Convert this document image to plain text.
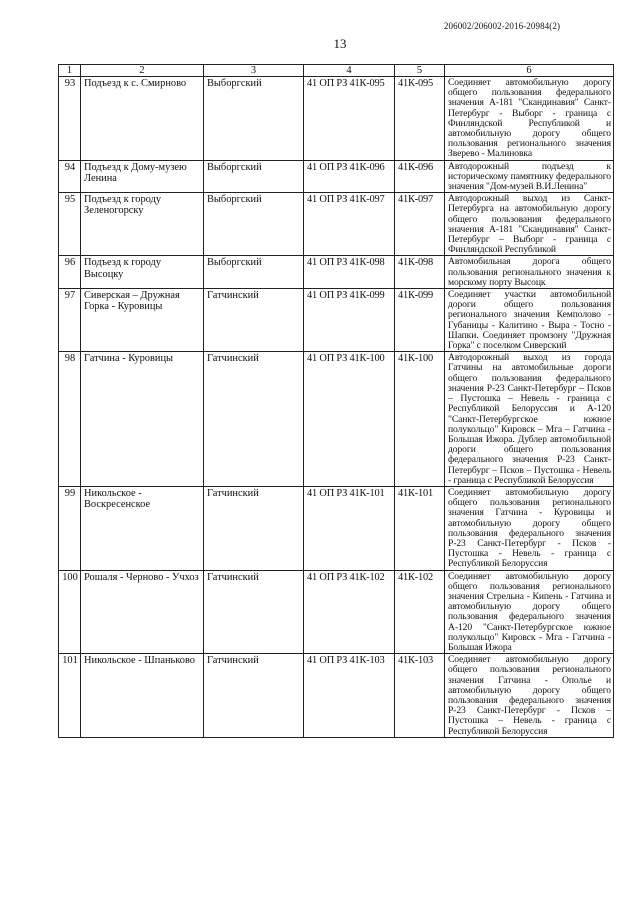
206002/206002-2016-20984(2)
13
1	2	3	4	5	6
93	Подъезд к с. Смирново	Выборгский	41 ОП РЗ 41К-095	41К-095	Соединяет автомобильную дорогу общего пользования федерального значения А-181 "Скандинавия" Санкт-Петербург - Выборг - граница с Финляндской Республикой и автомобильную дорогу общего пользования регионального значения Зверево - Малиновка
94	Подъезд к Дому-музею Ленина	Выборгский	41 ОП РЗ 41К-096	41К-096	Автодорожный подъезд к историческому памятнику федерального значения "Дом-музей В.И.Ленина"
95	Подъезд к городу Зеленогорску	Выборгский	41 ОП РЗ 41К-097	41К-097	Автодорожный выход из Санкт-Петербурга на автомобильную дорогу общего пользования федерального значения А-181 "Скандинавия" Санкт-Петербург – Выборг - граница с Финляндской Республикой
96	Подъезд к городу Высоцку	Выборгский	41 ОП РЗ 41К-098	41К-098	Автомобильная дорога общего пользования регионального значения к морскому порту Высоцк
97	Сиверская – Дружная Горка - Куровицы	Гатчинский	41 ОП РЗ 41К-099	41К-099	Соединяет участки автомобильной дороги общего пользования регионального значения Кемполово - Губаницы - Калитино - Выра - Тосно - Шапки. Соединяет промзону "Дружная Горка" с поселком Сиверский
98	Гатчина - Куровицы	Гатчинский	41 ОП РЗ 41К-100	41К-100	Автодорожный выход из города Гатчины на автомобильные дороги общего пользования федерального значения Р-23 Санкт-Петербург – Псков – Пустошка – Невель - граница с Республикой Белоруссия и А-120 "Санкт-Петербургское южное полукольцо" Кировск – Мга – Гатчина - Большая Ижора. Дублер автомобильной дороги общего пользования федерального значения Р-23 Санкт-Петербург – Псков – Пустошка - Невель - граница с Республикой Белоруссия
99	Никольское - Воскресенское	Гатчинский	41 ОП РЗ 41К-101	41К-101	Соединяет автомобильную дорогу общего пользования регионального значения Гатчина - Куровицы и автомобильную дорогу общего пользования федерального значения Р-23 Санкт-Петербург - Псков - Пустошка - Невель - граница с Республикой Белоруссия
100	Рошаля - Черново - Учхоз	Гатчинский	41 ОП РЗ 41К-102	41К-102	Соединяет автомобильную дорогу общего пользования регионального значения Стрельна - Кипень - Гатчина и автомобильную дорогу общего пользования федерального значения А-120 "Санкт-Петербургское южное полукольцо" Кировск - Мга - Гатчина - Большая Ижора
101	Никольское - Шпаньково	Гатчинский	41 ОП РЗ 41К-103	41К-103	Соединяет автомобильную дорогу общего пользования регионального значения Гатчина - Ополье и автомобильную дорогу общего пользования федерального значения Р-23 Санкт-Петербург - Псков – Пустошка – Невель - граница с Республикой Белоруссия
